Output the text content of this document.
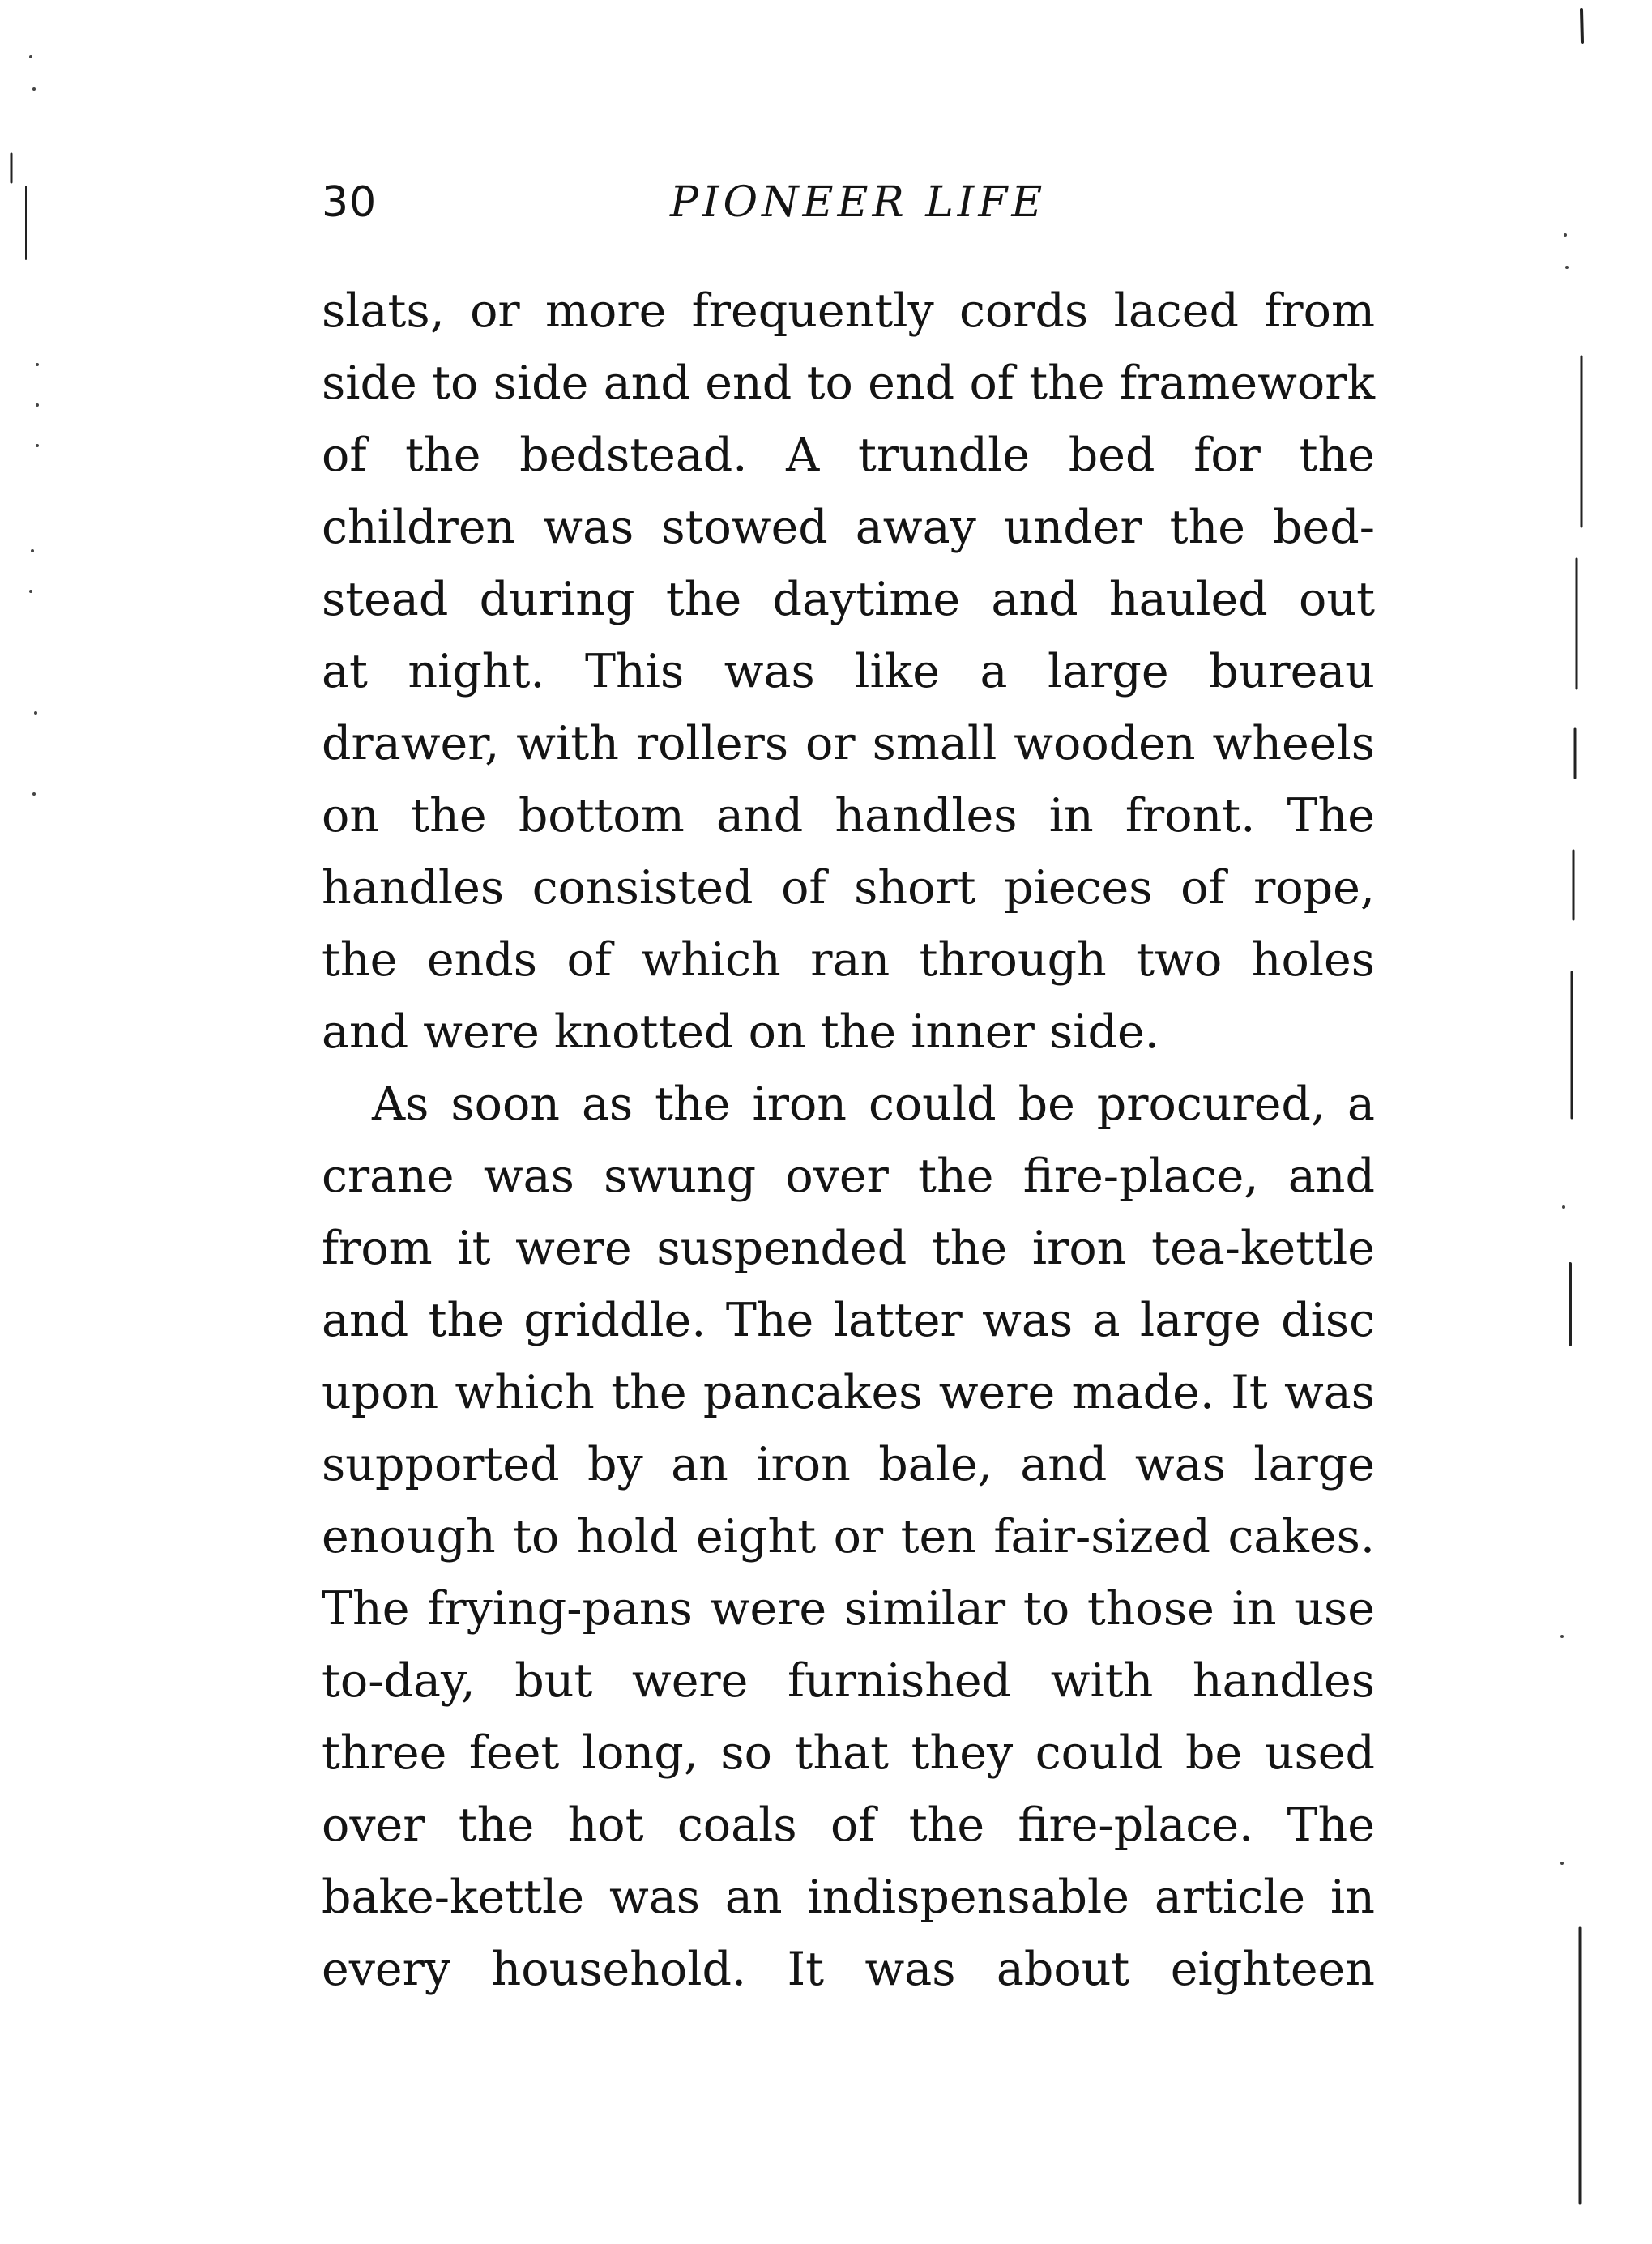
30	PIONEER LIFE
slats, or more frequently cords laced from
side to side and end to end of the framework
of the bedstead. A trundle bed for the
children was stowed away under the bed-
stead during the daytime and hauled out
at night. This was like a large bureau
drawer, with rollers or small wooden wheels
on the bottom and handles in front. The
handles consisted of short pieces of rope,
the ends of which ran through two holes
and were knotted on the inner side.
As soon as the iron could be procured, a
crane was swung over the fire-place, and
from it were suspended the iron tea-kettle
and the griddle. The latter was a large disc
upon which the pancakes were made. It was
supported by an iron bale, and was large
enough to hold eight or ten fair-sized cakes.
The frying-pans were similar to those in use
to-day, but were furnished with handles
three feet long, so that they could be used
over the hot coals of the fire-place. The
bake-kettle was an indispensable article in
every household. It was about eighteen
